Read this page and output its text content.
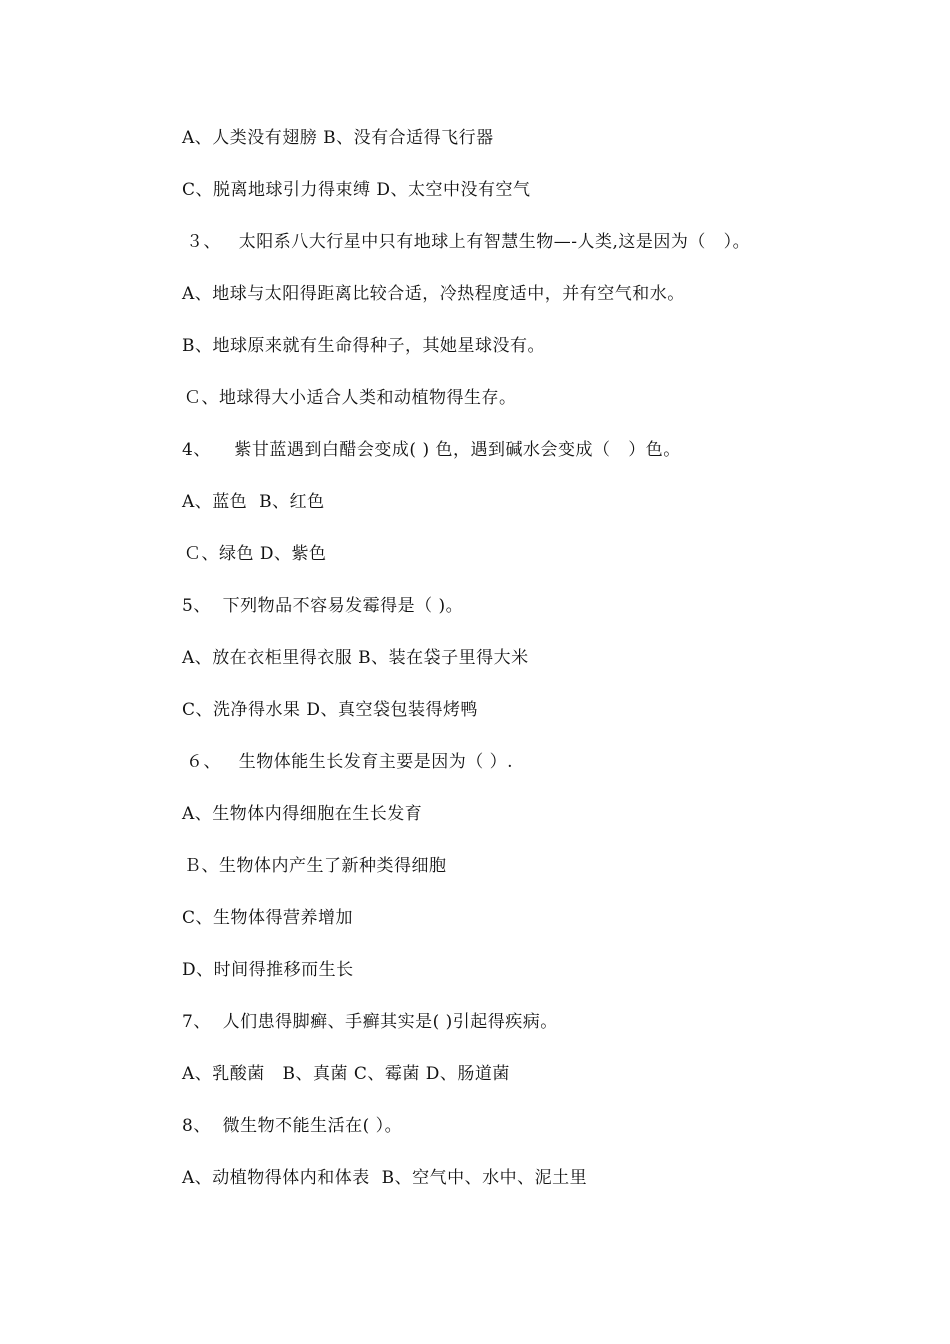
A、人类没有翅膀 B、没有合适得飞行器
C、脱离地球引力得束缚 D、太空中没有空气
３、   太阳系八大行星中只有地球上有智慧生物—-人类,这是因为（   ）。
A、地球与太阳得距离比较合适，冷热程度适中，并有空气和水。
B、地球原来就有生命得种子，其她星球没有。
Ｃ、地球得大小适合人类和动植物得生存。
4、    紫甘蓝遇到白醋会变成( ) 色，遇到碱水会变成（   ）色。
A、蓝色  B、红色
Ｃ、绿色 D、紫色
5、  下列物品不容易发霉得是（ )。
A、放在衣柜里得衣服 B、装在袋子里得大米
C、洗净得水果 D、真空袋包装得烤鸭
６、   生物体能生长发育主要是因为（ ）.
A、生物体内得细胞在生长发育
Ｂ、生物体内产生了新种类得细胞
C、生物体得营养增加
D、时间得推移而生长
7、  人们患得脚癣、手癣其实是( )引起得疾病。
A、乳酸菌   B、真菌 C、霉菌 D、肠道菌
8、  微生物不能生活在( ）。
A、动植物得体内和体表  B、空气中、水中、泥土里
